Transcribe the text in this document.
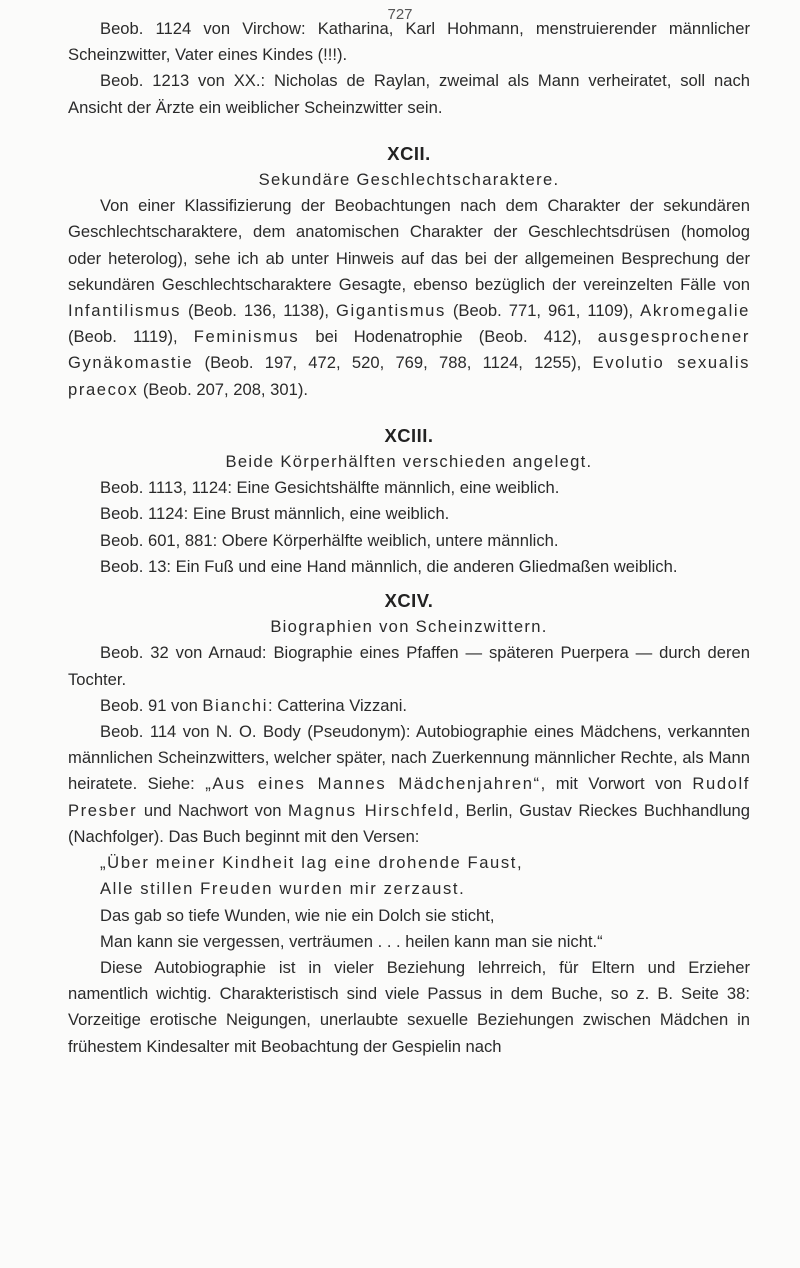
727

Beob. 1124 von Virchow: Katharina, Karl Hohmann, menstruierender männlicher Scheinzwitter, Vater eines Kindes (!!!).

Beob. 1213 von XX.: Nicholas de Raylan, zweimal als Mann verheiratet, soll nach Ansicht der Ärzte ein weiblicher Scheinzwitter sein.

XCII.
Sekundäre Geschlechtscharaktere.

Von einer Klassifizierung der Beobachtungen nach dem Charakter der sekundären Geschlechtscharaktere, dem anatomischen Charakter der Geschlechtsdrüsen (homolog oder heterolog), sehe ich ab unter Hinweis auf das bei der allgemeinen Besprechung der sekundären Geschlechtscharaktere Gesagte, ebenso bezüglich der vereinzelten Fälle von Infantilismus (Beob. 136, 1138), Gigantismus (Beob. 771, 961, 1109), Akromegalie (Beob. 1119), Feminismus bei Hodenatrophie (Beob. 412), ausgesprochener Gynäkomastie (Beob. 197, 472, 520, 769, 788, 1124, 1255), Evolutio sexualis praecox (Beob. 207, 208, 301).

XCIII.
Beide Körperhälften verschieden angelegt.

Beob. 1113, 1124: Eine Gesichtshälfte männlich, eine weiblich.

Beob. 1124: Eine Brust männlich, eine weiblich.

Beob. 601, 881: Obere Körperhälfte weiblich, untere männlich.

Beob. 13: Ein Fuß und eine Hand männlich, die anderen Gliedmaßen weiblich.

XCIV.
Biographien von Scheinzwittern.

Beob. 32 von Arnaud: Biographie eines Pfaffen — späteren Puerpera — durch deren Tochter.

Beob. 91 von Bianchi: Catterina Vizzani.

Beob. 114 von N. O. Body (Pseudonym): Autobiographie eines Mädchens, verkannten männlichen Scheinzwitters, welcher später, nach Zuerkennung männlicher Rechte, als Mann heiratete. Siehe: „Aus eines Mannes Mädchenjahren“, mit Vorwort von Rudolf Presber und Nachwort von Magnus Hirschfeld, Berlin, Gustav Rieckes Buchhandlung (Nachfolger). Das Buch beginnt mit den Versen:

„Über meiner Kindheit lag eine drohende Faust,
Alle stillen Freuden wurden mir zerzaust.
Das gab so tiefe Wunden, wie nie ein Dolch sie sticht,
Man kann sie vergessen, verträumen . . . heilen kann man sie nicht.“

Diese Autobiographie ist in vieler Beziehung lehrreich, für Eltern und Erzieher namentlich wichtig. Charakteristisch sind viele Passus in dem Buche, so z. B. Seite 38: Vorzeitige erotische Neigungen, unerlaubte sexuelle Beziehungen zwischen Mädchen in frühestem Kindesalter mit Beobachtung der Gespielin nach
